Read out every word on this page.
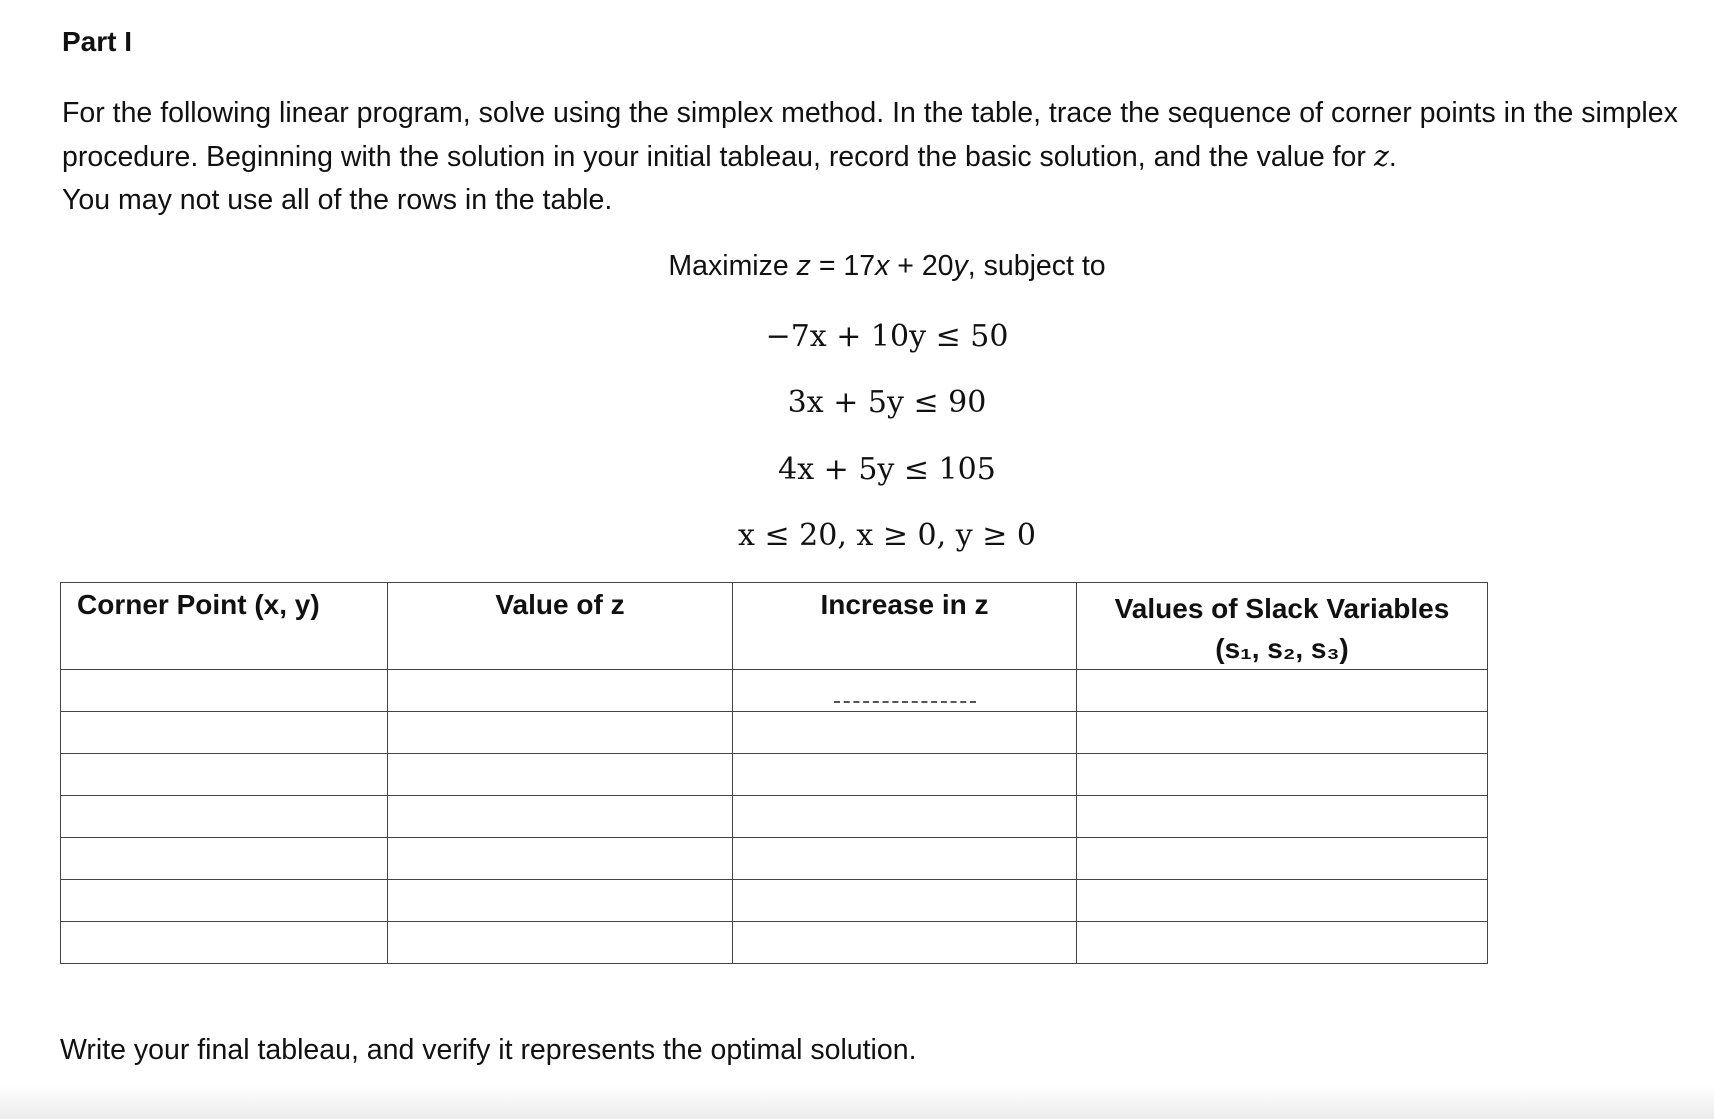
Part I
For the following linear program, solve using the simplex method. In the table, trace the sequence of corner points in the simplex procedure. Beginning with the solution in your initial tableau, record the basic solution, and the value for z.
You may not use all of the rows in the table.
Maximize z = 17x + 20y, subject to
−7x + 10y ≤ 50
3x + 5y ≤ 90
4x + 5y ≤ 105
x ≤ 20, x ≥ 0, y ≥ 0
Corner Point (x, y)	Value of z	Increase in z	Values of Slack Variables
(s₁, s₂, s₃)

Write your final tableau, and verify it represents the optimal solution.
